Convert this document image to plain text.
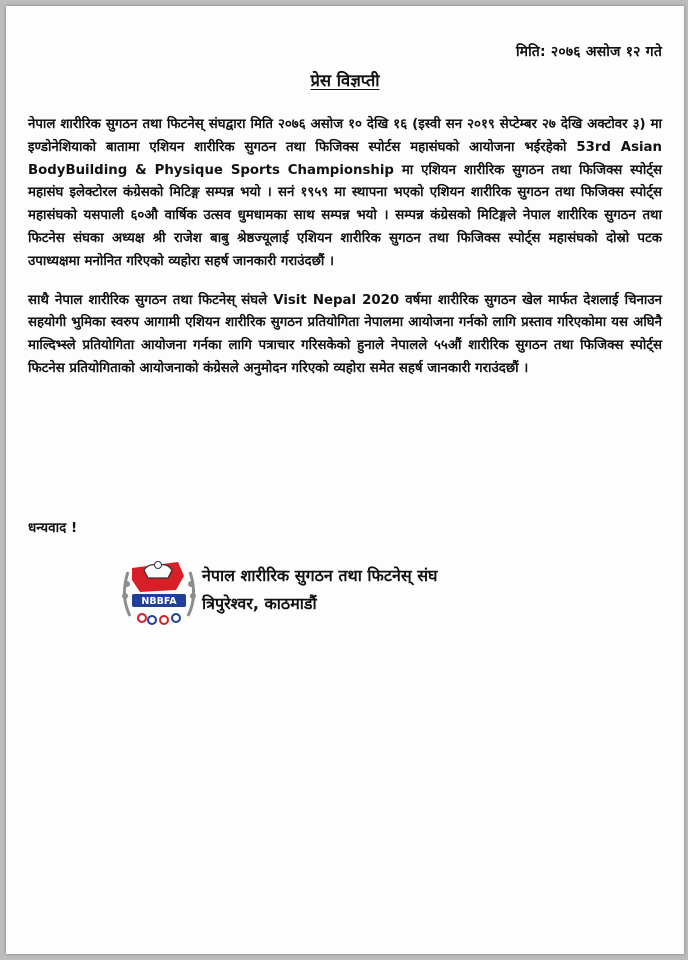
मिति: २०७६ असोज १२ गते
प्रेस विज्ञप्ती

नेपाल शारीरिक सुगठन तथा फिटनेस् संघद्वारा मिति २०७६ असोज १० देखि १६ (इस्वी सन २०१९ सेप्टेम्बर २७ देखि अक्टोवर ३) मा इण्डोनेशियाको बातामा एशियन शारीरिक सुगठन तथा फिजिक्स स्पोर्टस महासंघको आयोजना भईरहेको 53rd Asian BodyBuilding & Physique Sports Championship मा एशियन शारीरिक सुगठन तथा फिजिक्स स्पोर्ट्स महासंघ इलेक्टोरल कंग्रेसको मिटिङ्ग सम्पन्न भयो । सनं १९५९ मा स्थापना भएको एशियन शारीरिक सुगठन तथा फिजिक्स स्पोर्ट्स महासंघको यसपाली ६०औ वार्षिक उत्सव धुमधामका साथ सम्पन्न भयो । सम्पन्न कंग्रेसको मिटिङ्गले नेपाल शारीरिक सुगठन तथा फिटनेस संघका अध्यक्ष श्री राजेश बाबु श्रेष्ठज्यूलाई एशियन शारीरिक सुगठन तथा फिजिक्स स्पोर्ट्स महासंघको दोस्रो पटक उपाध्यक्षमा मनोनित गरिएको व्यहोरा सहर्ष जानकारी गराउंदछौं ।

साथै नेपाल शारीरिक सुगठन तथा फिटनेस् संघले Visit Nepal 2020 वर्षमा शारीरिक सुगठन खेल मार्फत देशलाई चिनाउन सहयोगी भुमिका स्वरुप आगामी एशियन शारीरिक सुगठन प्रतियोगिता नेपालमा आयोजना गर्नको लागि प्रस्ताव गरिएकोमा यस अघिनै माल्दिभ्स्ले प्रतियोगिता आयोजना गर्नका लागि पत्राचार गरिसकेको हुनाले नेपालले ५५औं शारीरिक सुगठन तथा फिजिक्स स्पोर्ट्स फिटनेस प्रतियोगिताको आयोजनाको कंग्रेसले अनुमोदन गरिएको व्यहोरा समेत सहर्ष जानकारी गराउंदछौं ।

धन्यवाद !
NBBFA
नेपाल शारीरिक सुगठन तथा फिटनेस् संघ
त्रिपुरेश्वर, काठमाडौं
